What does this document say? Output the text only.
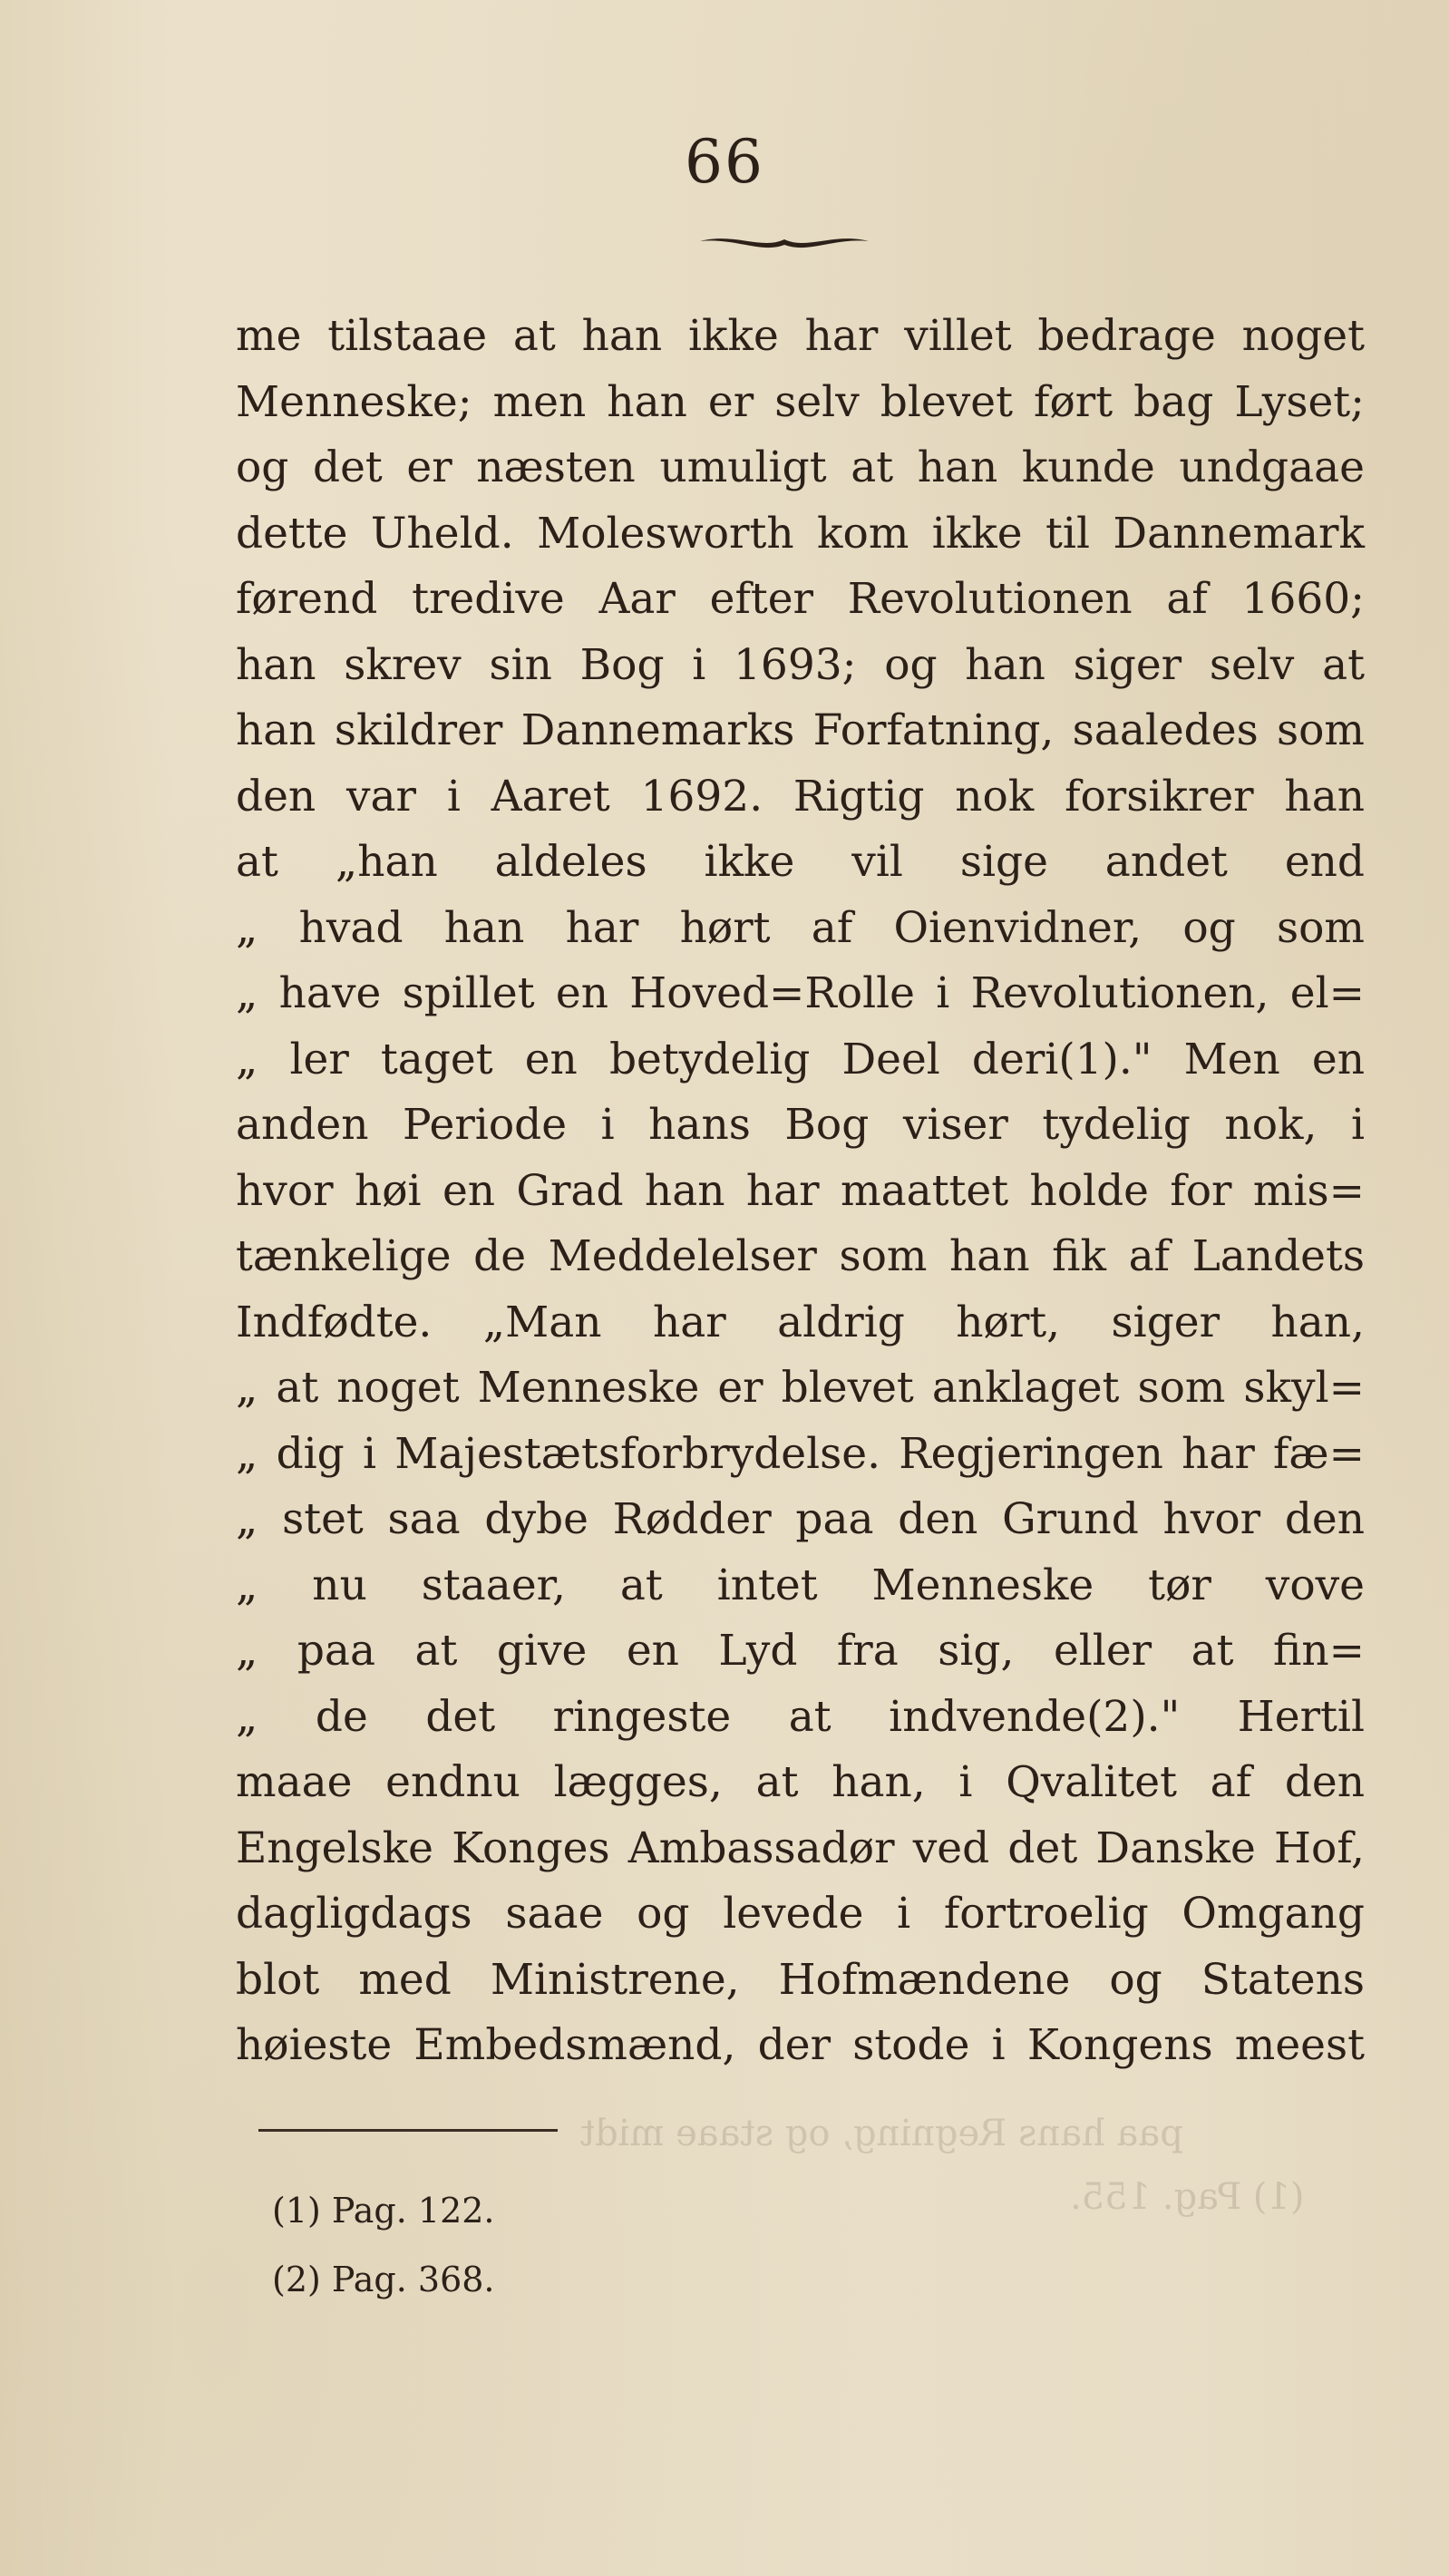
paa hans Regning, og staae midt
(1) Pag. 155.
66
me tilstaae at han ikke har villet bedrage noget
Menneske; men han er selv blevet ført bag Lyset;
og det er næsten umuligt at han kunde undgaae
dette Uheld. Molesworth kom ikke til Dannemark
førend tredive Aar efter Revolutionen af 1660;
han skrev sin Bog i 1693; og han siger selv at
han skildrer Dannemarks Forfatning, saaledes som
den var i Aaret 1692. Rigtig nok forsikrer han
at „han aldeles ikke vil sige andet end
„ hvad han har hørt af Oienvidner, og som
„ have spillet en Hoved=Rolle i Revolutionen, el=
„ ler taget en betydelig Deel deri(1)." Men en
anden Periode i hans Bog viser tydelig nok, i
hvor høi en Grad han har maattet holde for mis=
tænkelige de Meddelelser som han fik af Landets
Indfødte. „Man har aldrig hørt, siger han,
„ at noget Menneske er blevet anklaget som skyl=
„ dig i Majestætsforbrydelse. Regjeringen har fæ=
„ stet saa dybe Rødder paa den Grund hvor den
„ nu staaer, at intet Menneske tør vove
„ paa at give en Lyd fra sig, eller at fin=
„ de det ringeste at indvende(2)." Hertil
maae endnu lægges, at han, i Qvalitet af den
Engelske Konges Ambassadør ved det Danske Hof,
dagligdags saae og levede i fortroelig Omgang
blot med Ministrene, Hofmændene og Statens
høieste Embedsmænd, der stode i Kongens meest
(1) Pag. 122.
(2) Pag. 368.
